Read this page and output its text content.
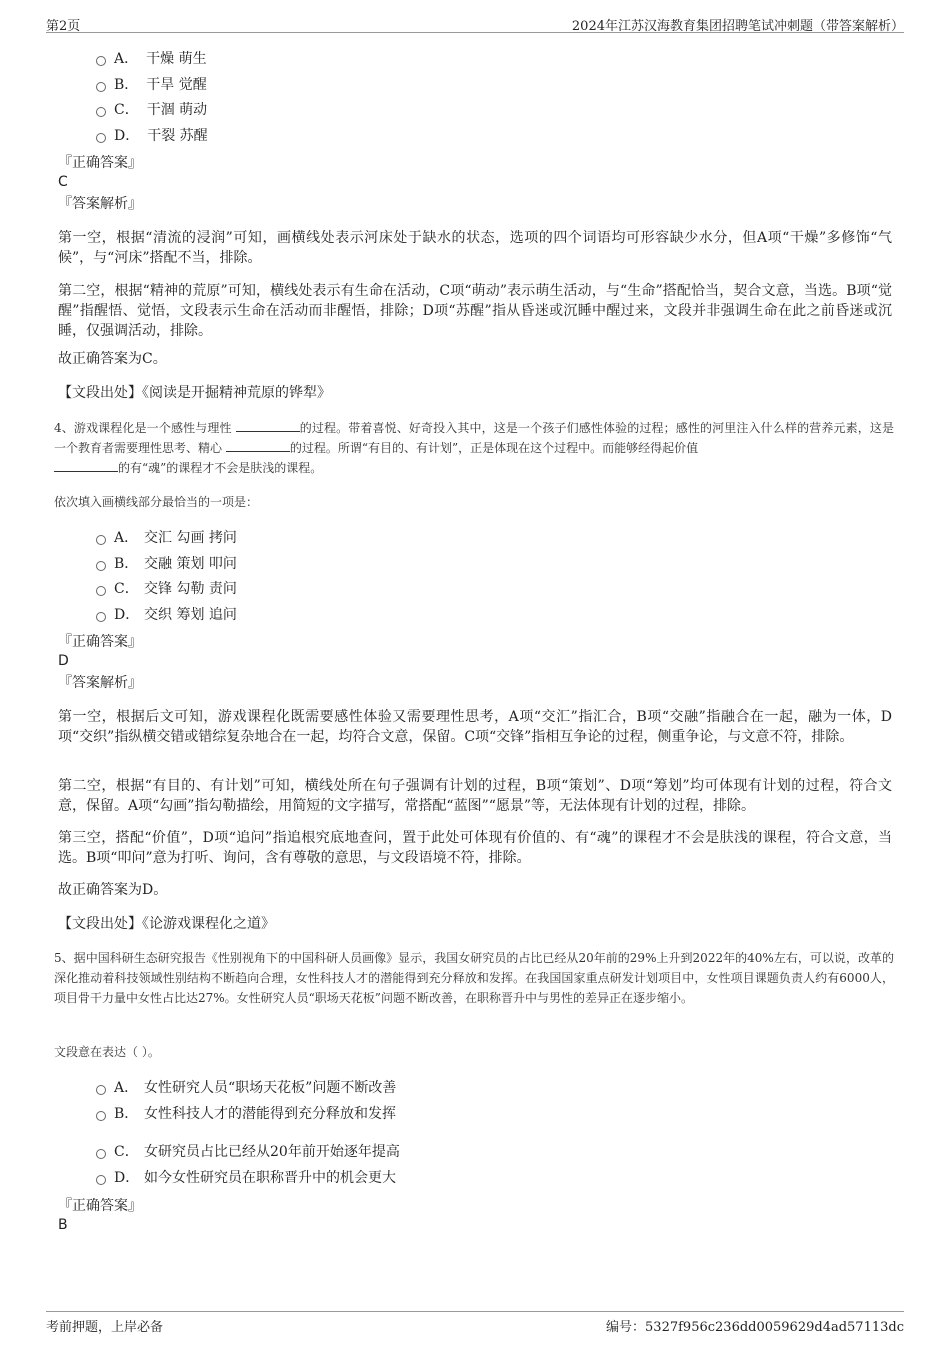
第2页	2024年江苏汉海教育集团招聘笔试冲刺题（带答案解析）
A． 干燥 萌生
B． 干旱 觉醒
C． 干涸 萌动
D． 干裂 苏醒
『正确答案』
C
『答案解析』
第一空，根据“清流的浸润”可知，画横线处表示河床处于缺水的状态，选项的四个词语均可形容缺少水分，但A项“干燥”多修饰“气候”，与“河床”搭配不当，排除。
第二空，根据“精神的荒原”可知，横线处表示有生命在活动，C项“萌动”表示萌生活动，与“生命”搭配恰当，契合文意，当选。B项“觉醒”指醒悟、觉悟，文段表示生命在活动而非醒悟，排除；D项“苏醒”指从昏迷或沉睡中醒过来，文段并非强调生命在此之前昏迷或沉睡，仅强调活动，排除。
故正确答案为C。
【文段出处】《阅读是开掘精神荒原的铧犁》
4、游戏课程化是一个感性与理性	的过程。带着喜悦、好奇投入其中，这是一个孩子们感性体验的过程；感性的河里注入什么样的营养元素，这是一个教育者需要理性思考、精心	的过程。所谓“有目的、有计划”，正是体现在这个过程中。而能够经得起价值
的有“魂”的课程才不会是肤浅的课程。
依次填入画横线部分最恰当的一项是：
A． 交汇 勾画 拷问
B． 交融 策划 叩问
C． 交锋 勾勒 责问
D． 交织 筹划 追问
『正确答案』
D
『答案解析』
第一空，根据后文可知，游戏课程化既需要感性体验又需要理性思考，A项“交汇”指汇合，B项“交融”指融合在一起，融为一体，D项“交织”指纵横交错或错综复杂地合在一起，均符合文意，保留。C项“交锋”指相互争论的过程，侧重争论，与文意不符，排除。
第二空，根据“有目的、有计划”可知，横线处所在句子强调有计划的过程，B项“策划”、D项“筹划”均可体现有计划的过程，符合文意，保留。A项“勾画”指勾勒描绘，用简短的文字描写，常搭配“蓝图”“愿景”等，无法体现有计划的过程，排除。
第三空，搭配“价值”，D项“追问”指追根究底地查问，置于此处可体现有价值的、有“魂”的课程才不会是肤浅的课程，符合文意，当选。B项“叩问”意为打听、询问，含有尊敬的意思，与文段语境不符，排除。
故正确答案为D。
【文段出处】《论游戏课程化之道》
5、据中国科研生态研究报告《性别视角下的中国科研人员画像》显示，我国女研究员的占比已经从20年前的29%上升到2022年的40%左右，可以说，改革的深化推动着科技领域性别结构不断趋向合理，女性科技人才的潜能得到充分释放和发挥。在我国国家重点研发计划项目中，女性项目课题负责人约有6000人，项目骨干力量中女性占比达27%。女性研究人员“职场天花板”问题不断改善，在职称晋升中与男性的差异正在逐步缩小。
文段意在表达（ ）。
A． 女性研究人员“职场天花板”问题不断改善
B． 女性科技人才的潜能得到充分释放和发挥
C． 女研究员占比已经从20年前开始逐年提高
D． 如今女性研究员在职称晋升中的机会更大
『正确答案』
B
考前押题，上岸必备	编号：5327f956c236dd0059629d4ad57113dc
